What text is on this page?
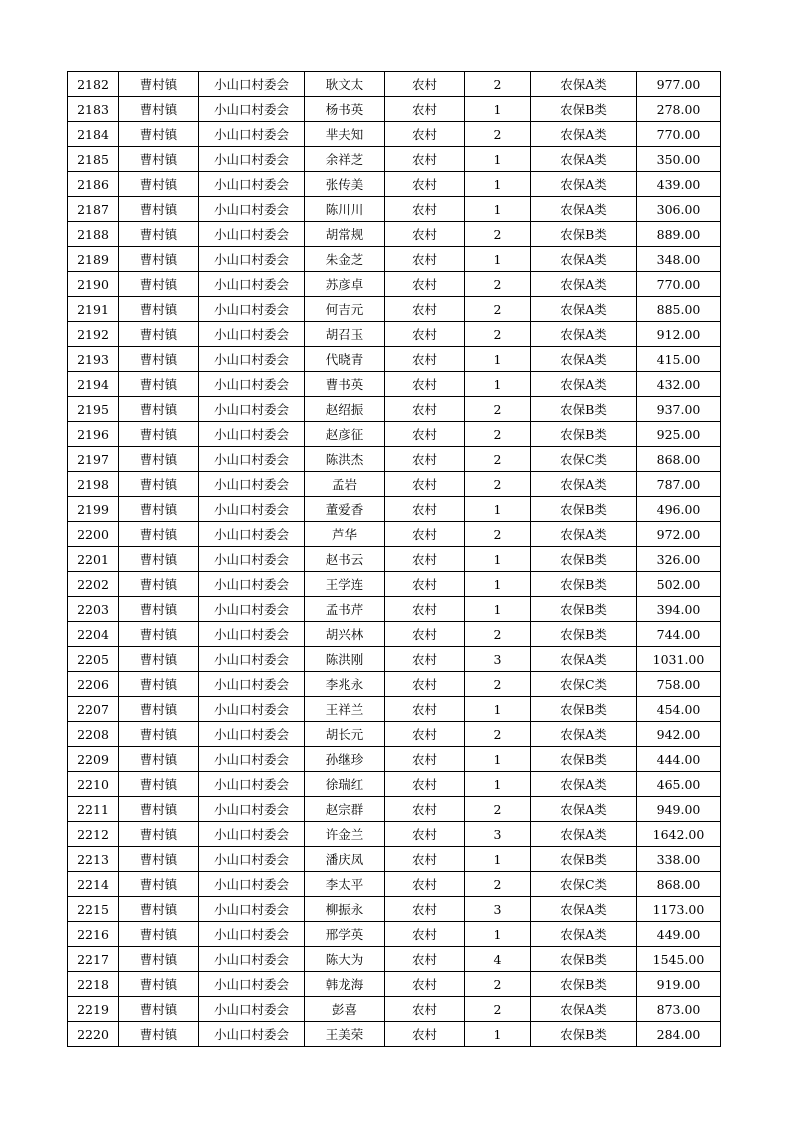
2182	曹村镇	小山口村委会	耿文太	农村	2	农保A类	977.00
2183	曹村镇	小山口村委会	杨书英	农村	1	农保B类	278.00
2184	曹村镇	小山口村委会	芈夫知	农村	2	农保A类	770.00
2185	曹村镇	小山口村委会	余祥芝	农村	1	农保A类	350.00
2186	曹村镇	小山口村委会	张传美	农村	1	农保A类	439.00
2187	曹村镇	小山口村委会	陈川川	农村	1	农保A类	306.00
2188	曹村镇	小山口村委会	胡常规	农村	2	农保B类	889.00
2189	曹村镇	小山口村委会	朱金芝	农村	1	农保A类	348.00
2190	曹村镇	小山口村委会	苏彦卓	农村	2	农保A类	770.00
2191	曹村镇	小山口村委会	何吉元	农村	2	农保A类	885.00
2192	曹村镇	小山口村委会	胡召玉	农村	2	农保A类	912.00
2193	曹村镇	小山口村委会	代晓青	农村	1	农保A类	415.00
2194	曹村镇	小山口村委会	曹书英	农村	1	农保A类	432.00
2195	曹村镇	小山口村委会	赵绍振	农村	2	农保B类	937.00
2196	曹村镇	小山口村委会	赵彦征	农村	2	农保B类	925.00
2197	曹村镇	小山口村委会	陈洪杰	农村	2	农保C类	868.00
2198	曹村镇	小山口村委会	孟岩	农村	2	农保A类	787.00
2199	曹村镇	小山口村委会	董爱香	农村	1	农保B类	496.00
2200	曹村镇	小山口村委会	芦华	农村	2	农保A类	972.00
2201	曹村镇	小山口村委会	赵书云	农村	1	农保B类	326.00
2202	曹村镇	小山口村委会	王学连	农村	1	农保B类	502.00
2203	曹村镇	小山口村委会	孟书芹	农村	1	农保B类	394.00
2204	曹村镇	小山口村委会	胡兴林	农村	2	农保B类	744.00
2205	曹村镇	小山口村委会	陈洪刚	农村	3	农保A类	1031.00
2206	曹村镇	小山口村委会	李兆永	农村	2	农保C类	758.00
2207	曹村镇	小山口村委会	王祥兰	农村	1	农保B类	454.00
2208	曹村镇	小山口村委会	胡长元	农村	2	农保A类	942.00
2209	曹村镇	小山口村委会	孙继珍	农村	1	农保B类	444.00
2210	曹村镇	小山口村委会	徐瑞红	农村	1	农保A类	465.00
2211	曹村镇	小山口村委会	赵宗群	农村	2	农保A类	949.00
2212	曹村镇	小山口村委会	许金兰	农村	3	农保A类	1642.00
2213	曹村镇	小山口村委会	潘庆凤	农村	1	农保B类	338.00
2214	曹村镇	小山口村委会	李太平	农村	2	农保C类	868.00
2215	曹村镇	小山口村委会	柳振永	农村	3	农保A类	1173.00
2216	曹村镇	小山口村委会	邢学英	农村	1	农保A类	449.00
2217	曹村镇	小山口村委会	陈大为	农村	4	农保B类	1545.00
2218	曹村镇	小山口村委会	韩龙海	农村	2	农保B类	919.00
2219	曹村镇	小山口村委会	彭喜	农村	2	农保A类	873.00
2220	曹村镇	小山口村委会	王美荣	农村	1	农保B类	284.00
